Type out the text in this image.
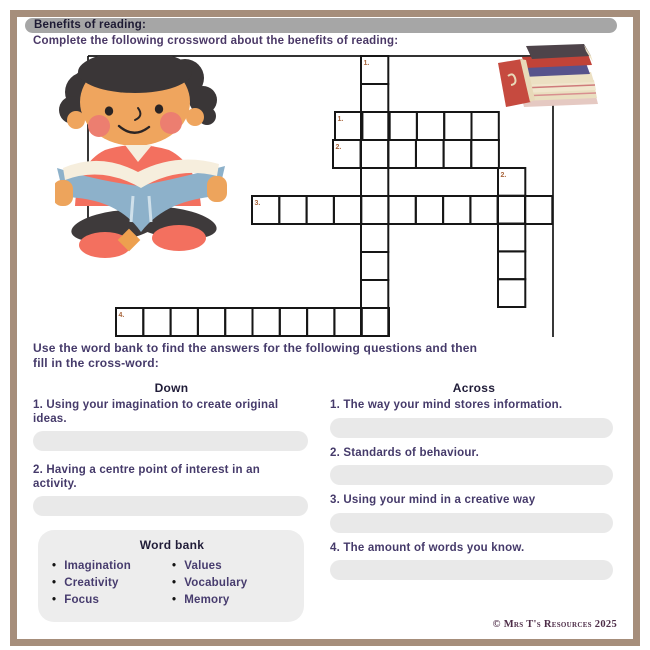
1.
1.
2.
2.
3.
4.
Benefits of reading:
Complete the following crossword about the benefits of reading:
Use the word bank to find the answers for the following questions and then
fill in the cross-word:
Down
1. Using your imagination to create original ideas.
2. Having a centre point of interest in an activity.
Across
1. The way your mind stores information.
2. Standards of behaviour.
3. Using your mind in a creative way
4. The amount of words you know.
Word bank
• Imagination
• Creativity
• Focus
• Values
• Vocabulary
• Memory
© Mrs T's Resources 2025
